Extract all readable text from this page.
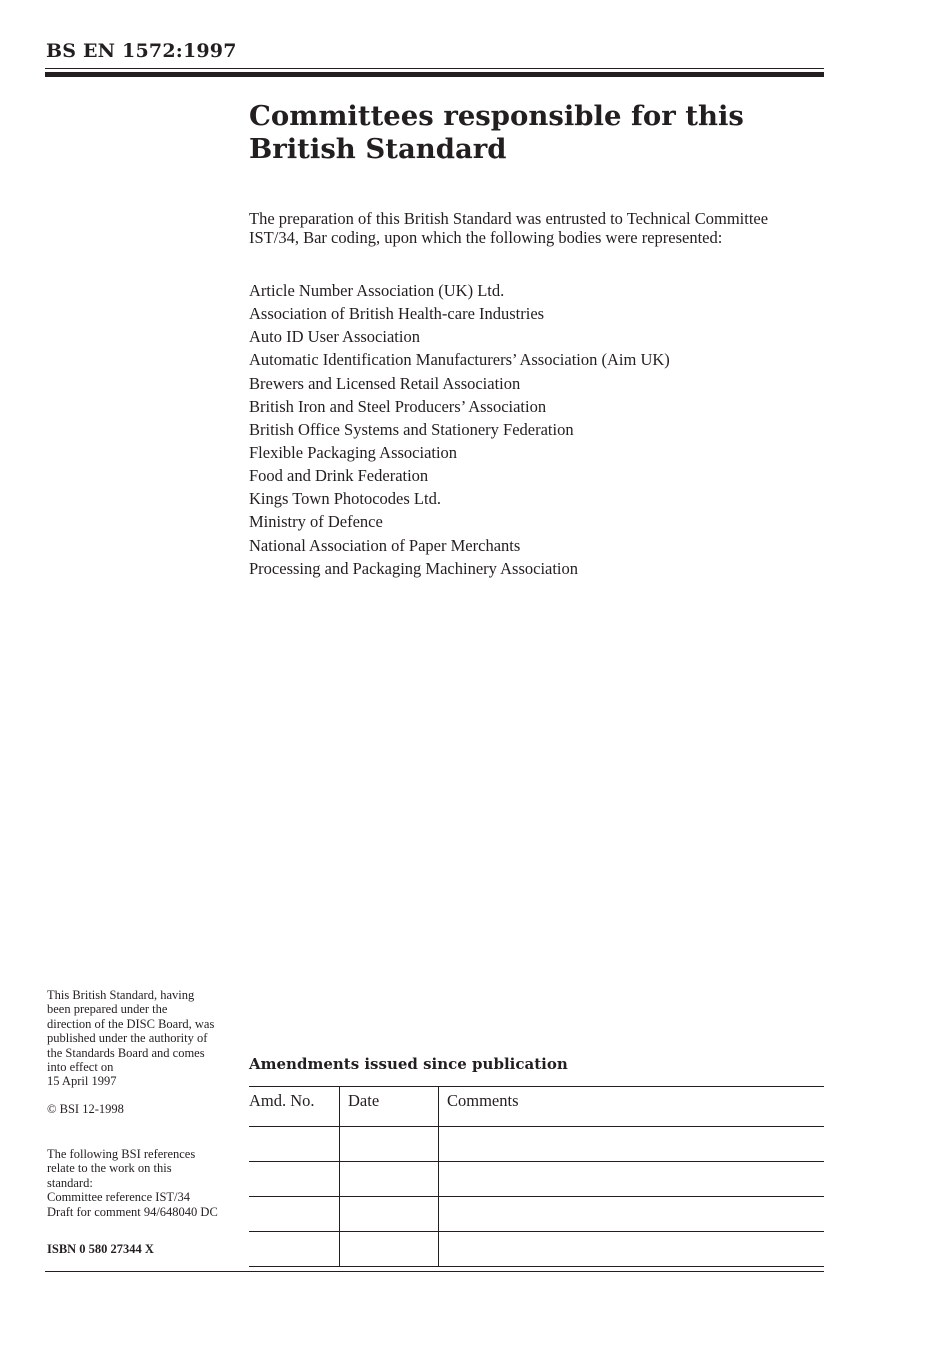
BS EN 1572:1997
Committees responsible for this
British Standard

The preparation of this British Standard was entrusted to Technical Committee IST/34, Bar coding, upon which the following bodies were represented:

Article Number Association (UK) Ltd.
Association of British Health-care Industries
Auto ID User Association
Automatic Identification Manufacturers’ Association (Aim UK)
Brewers and Licensed Retail Association
British Iron and Steel Producers’ Association
British Office Systems and Stationery Federation
Flexible Packaging Association
Food and Drink Federation
Kings Town Photocodes Ltd.
Ministry of Defence
National Association of Paper Merchants
Processing and Packaging Machinery Association
This British Standard, having
been prepared under the
direction of the DISC Board, was
published under the authority of
the Standards Board and comes
into effect on
15 April 1997
© BSI 12-1998
The following BSI references
relate to the work on this
standard:
Committee reference IST/34
Draft for comment 94/648040 DC
ISBN 0 580 27344 X
Amendments issued since publication
Amd. No.	Date	Comments
